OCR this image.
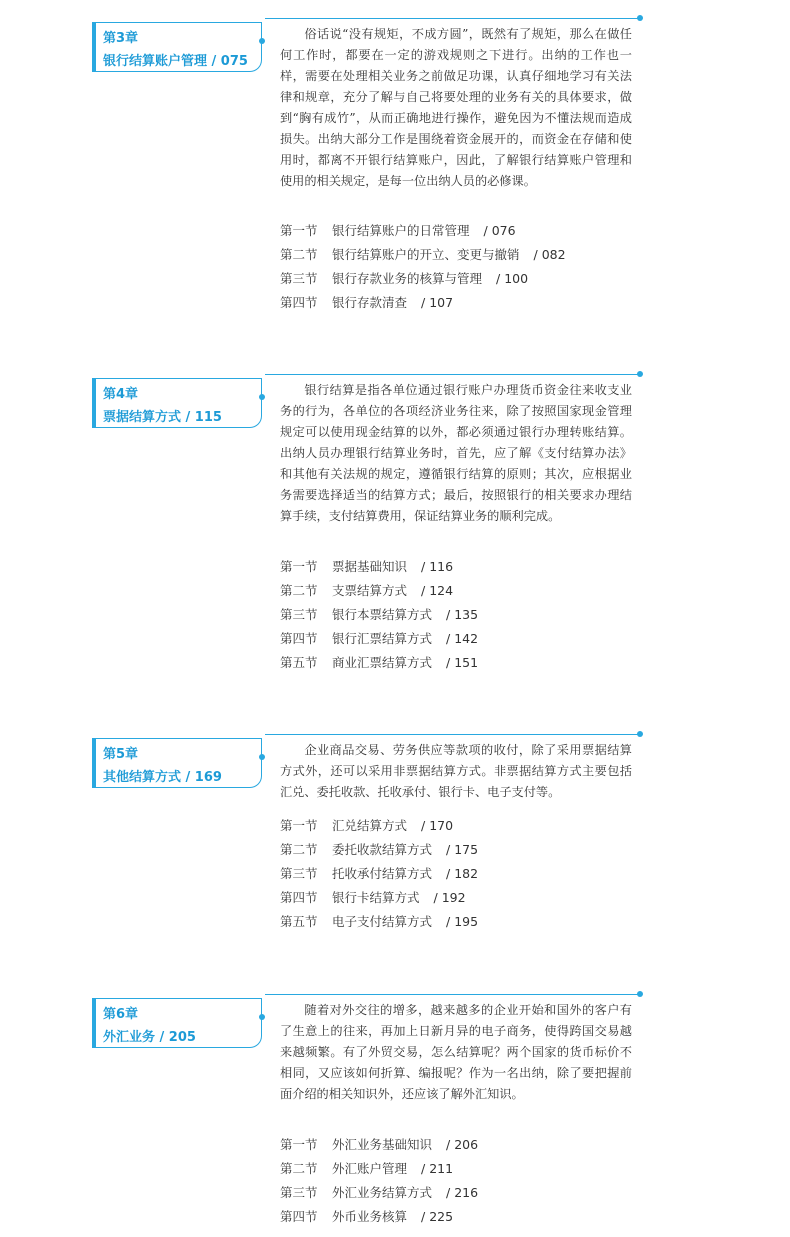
第3章
银行结算账户管理 / 075

俗话说“没有规矩，不成方圆”，既然有了规矩，那么在做任何工作时，都要在一定的游戏规则之下进行。出纳的工作也一样，需要在处理相关业务之前做足功课，认真仔细地学习有关法律和规章，充分了解与自己将要处理的业务有关的具体要求，做到“胸有成竹”，从而正确地进行操作，避免因为不懂法规而造成损失。出纳大部分工作是围绕着资金展开的，而资金在存储和使用时，都离不开银行结算账户，因此，了解银行结算账户管理和使用的相关规定，是每一位出纳人员的必修课。

第一节 银行结算账户的日常管理 / 076
第二节 银行结算账户的开立、变更与撤销 / 082
第三节 银行存款业务的核算与管理 / 100
第四节 银行存款清查 / 107
第4章
票据结算方式 / 115

银行结算是指各单位通过银行账户办理货币资金往来收支业务的行为，各单位的各项经济业务往来，除了按照国家现金管理规定可以使用现金结算的以外，都必须通过银行办理转账结算。出纳人员办理银行结算业务时，首先，应了解《支付结算办法》和其他有关法规的规定，遵循银行结算的原则；其次，应根据业务需要选择适当的结算方式；最后，按照银行的相关要求办理结算手续，支付结算费用，保证结算业务的顺利完成。

第一节 票据基础知识 / 116
第二节 支票结算方式 / 124
第三节 银行本票结算方式 / 135
第四节 银行汇票结算方式 / 142
第五节 商业汇票结算方式 / 151
第5章
其他结算方式 / 169

企业商品交易、劳务供应等款项的收付，除了采用票据结算方式外，还可以采用非票据结算方式。非票据结算方式主要包括汇兑、委托收款、托收承付、银行卡、电子支付等。

第一节 汇兑结算方式 / 170
第二节 委托收款结算方式 / 175
第三节 托收承付结算方式 / 182
第四节 银行卡结算方式 / 192
第五节 电子支付结算方式 / 195
第6章
外汇业务 / 205

随着对外交往的增多，越来越多的企业开始和国外的客户有了生意上的往来，再加上日新月异的电子商务，使得跨国交易越来越频繁。有了外贸交易，怎么结算呢？两个国家的货币标价不相同，又应该如何折算、编报呢？作为一名出纳，除了要把握前面介绍的相关知识外，还应该了解外汇知识。

第一节 外汇业务基础知识 / 206
第二节 外汇账户管理 / 211
第三节 外汇业务结算方式 / 216
第四节 外币业务核算 / 225
